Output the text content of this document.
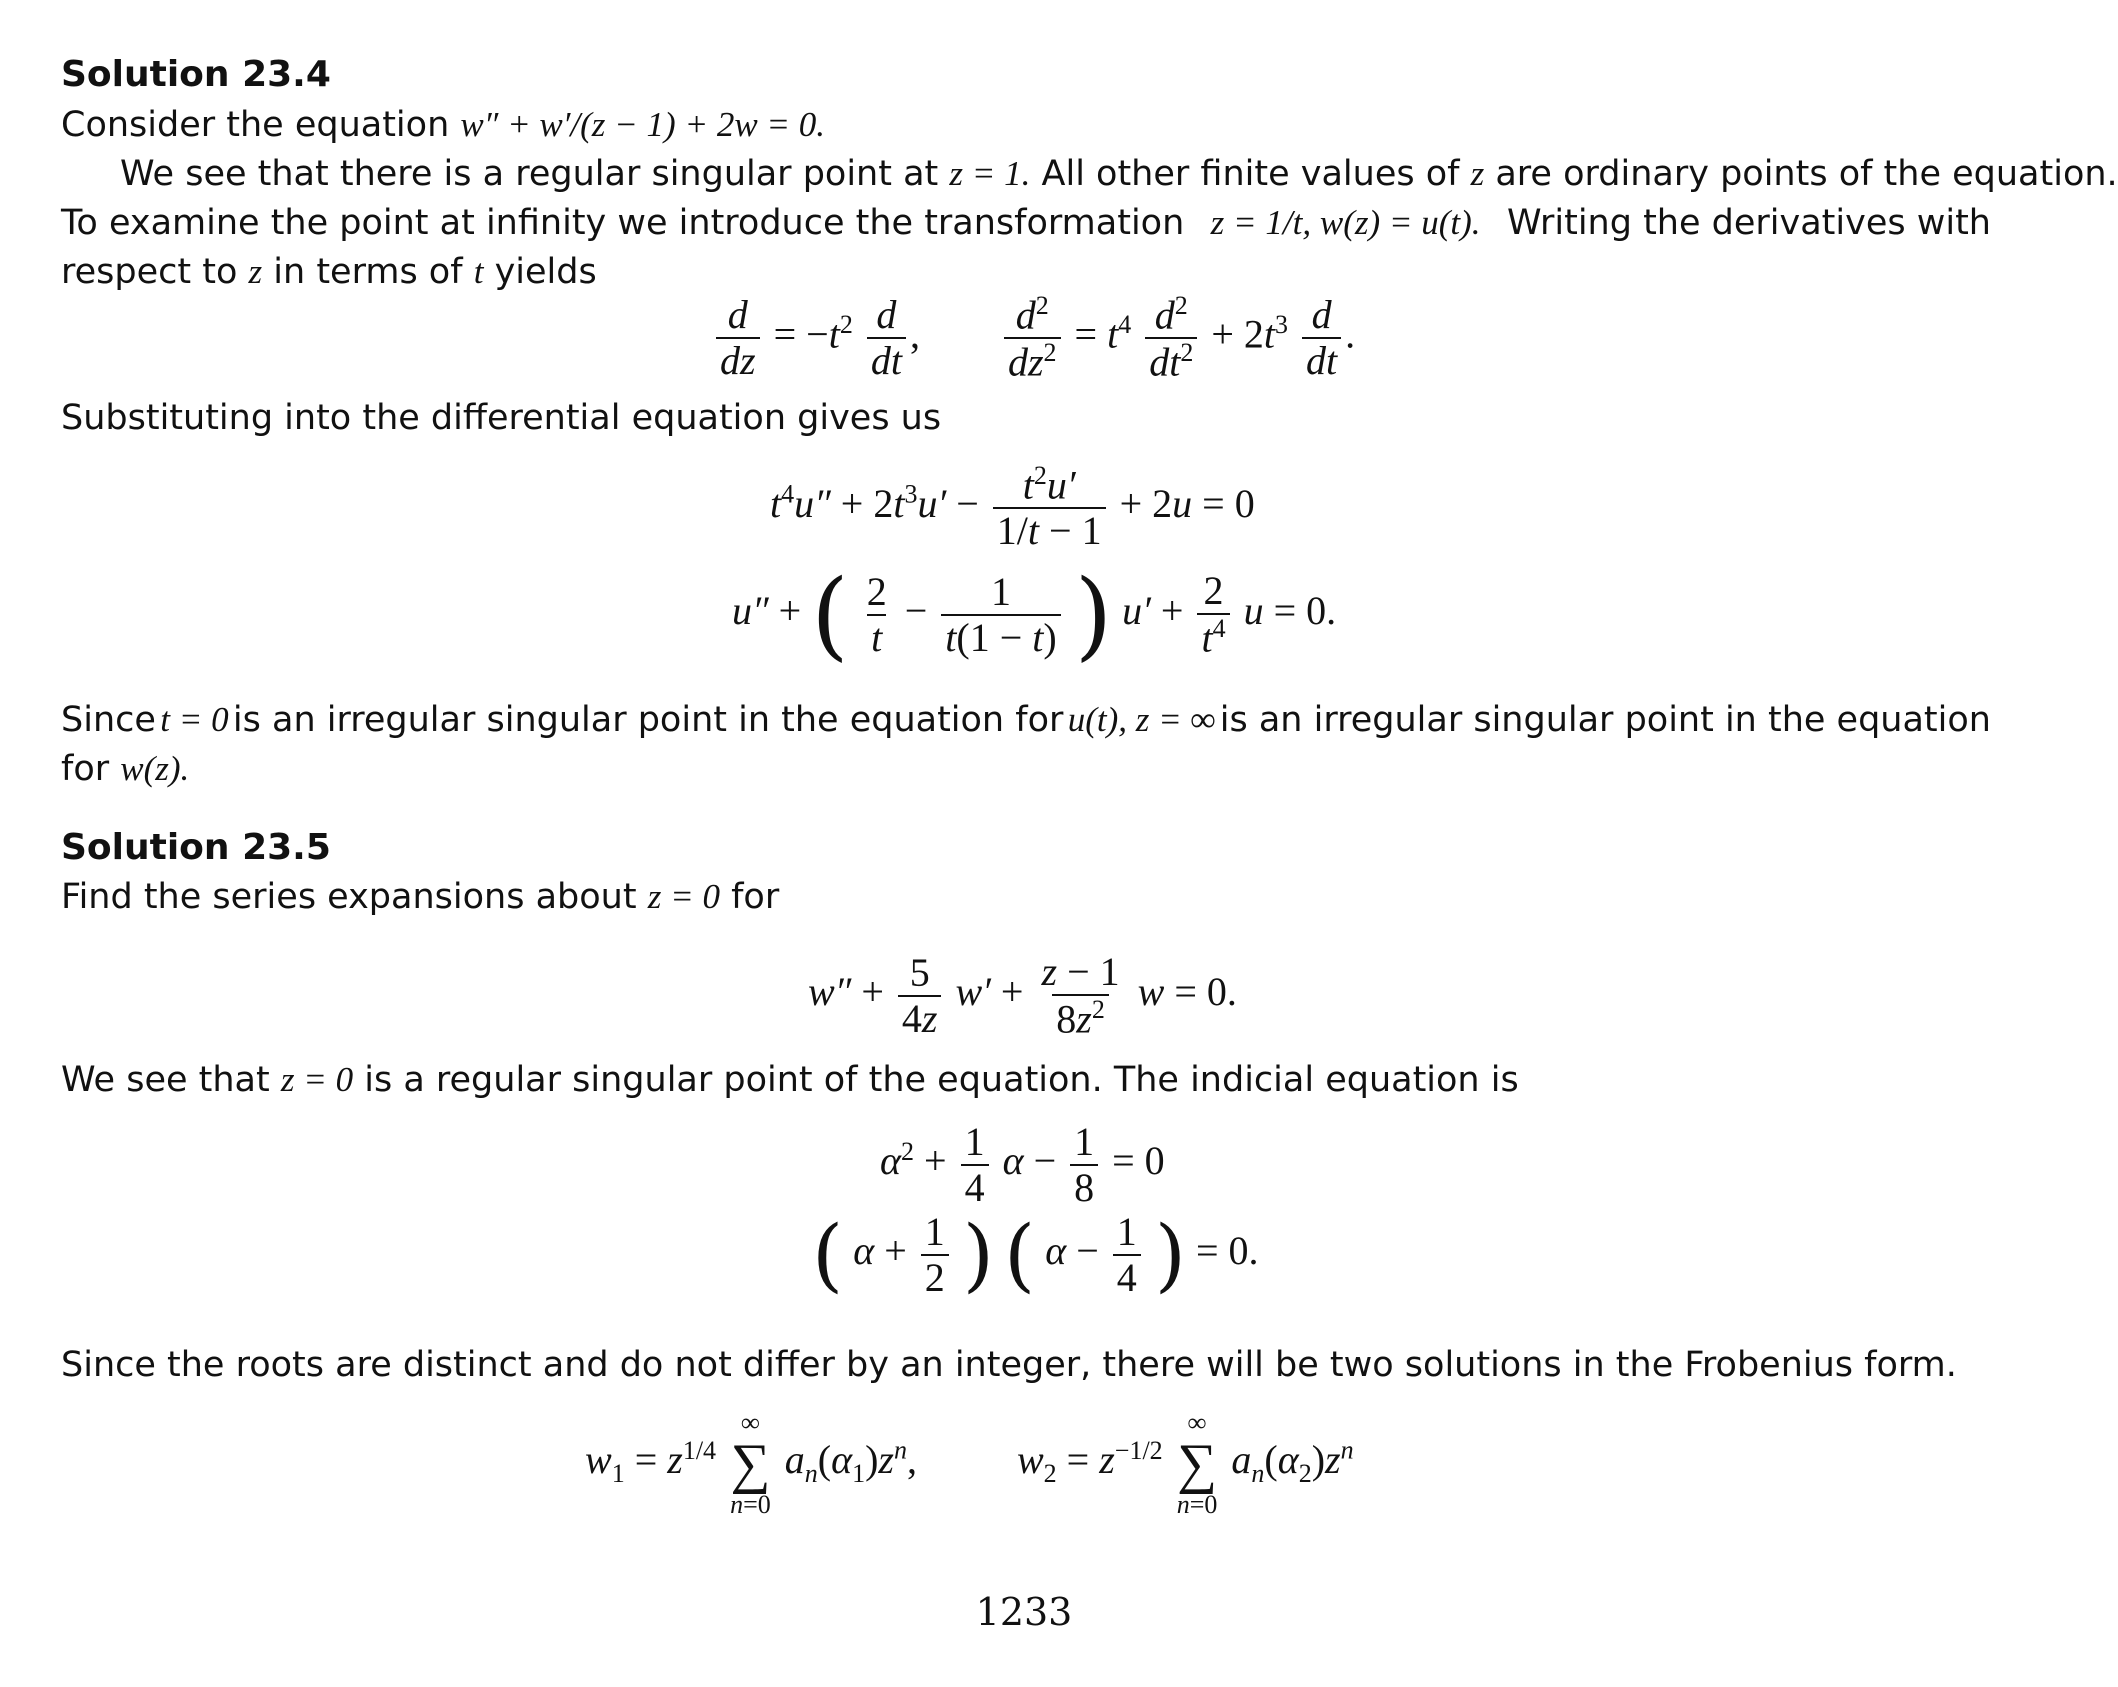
Solution 23.4
Consider the equation w″ + w′/(z − 1) + 2w = 0.
We see that there is a regular singular point at z = 1. All other finite values of z are ordinary points of the equation.
To examine the point at infinity we introduce the transformation z = 1/t, w(z) = u(t). Writing the derivatives with
respect to z in terms of t yields
$\frac{d}{dz} = -t^2 \frac{d}{dt}$ , $\frac{d^2}{dz^2} = t^4 \frac{d^2}{dt^2} + 2t^3 \frac{d}{dt}$ .
Substituting into the differential equation gives us
$t^4u'' + 2t^3u' - \frac{t^2u'}{1/t - 1} + 2u = 0$
u″ + ( $\frac{2}{t} - \frac{1}{t(1 - t)}$ ) $u' + \frac{2}{t^4}$ u = 0.
Since t = 0 is an irregular singular point in the equation for u(t), z = ∞ is an irregular singular point in the equation
for w(z).
Solution 23.5
Find the series expansions about z = 0 for
$w'' + \frac{5}{4z} w' + \frac{z - 1}{8z^2}$ w = 0.
We see that z = 0 is a regular singular point of the equation. The indicial equation is
$\alpha^2 + \frac{1}{4}$ $\alpha - \frac{1}{8} = 0$
( $\alpha + \frac{1}{2}$ ) ( $\alpha - \frac{1}{4}$ ) = 0.
Since the roots are distinct and do not differ by an integer, there will be two solutions in the Frobenius form.
$w_1 = z^{1/4}$
∞
∑
n=0
$a_n(\alpha_1)z^n$,	$w_2 = z^{-1/2}$
∞
∑
n=0
$a_n(\alpha_2)z^n$
1233
